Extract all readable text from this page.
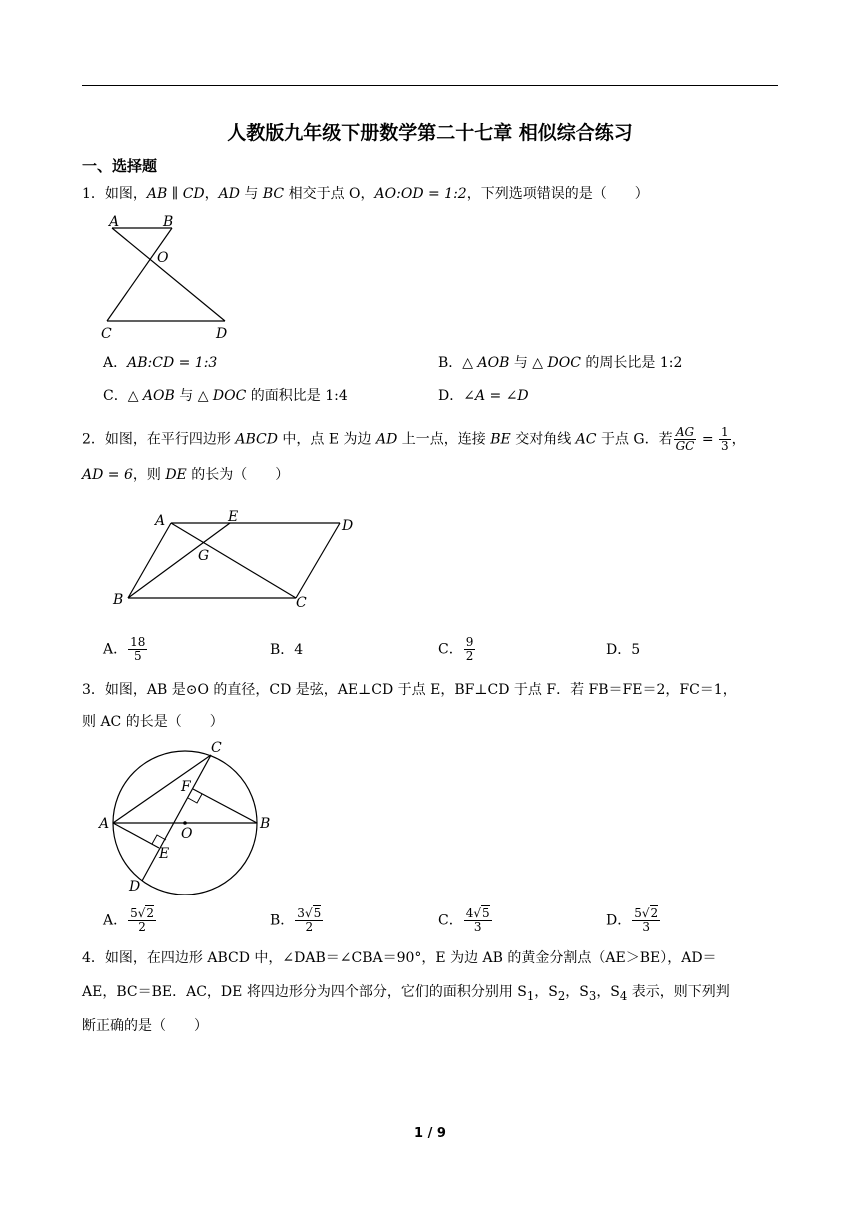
人教版九年级下册数学第二十七章 相似综合练习
一、选择题
1．如图，AB ∥ CD，AD 与 BC 相交于点 O，AO:OD = 1:2，下列选项错误的是（　　）
A	B
O
C	D
A．AB:CD = 1:3	B．△ AOB 与 △ DOC 的周长比是 1:2
C．△ AOB 与 △ DOC 的面积比是 1:4	D．∠A = ∠D
2．如图，在平行四边形 ABCD 中，点 E 为边 AD 上一点，连接 BE 交对角线 AC 于点 G．若 $\frac{AG}{GC} = \frac{1}{3}$ ，
AD = 6，则 DE 的长为（　　）
A	E
D
G
B	C
A． $\frac{18}{5}$	B．4	C． $\frac{9}{2}$	D．5
3．如图，AB 是⊙O 的直径，CD 是弦，AE⊥CD 于点 E，BF⊥CD 于点 F．若 FB＝FE＝2，FC＝1，
则 AC 的长是（　　）
C
F
A
O
B
E
D
A． $\frac{5√2}{2}$	B． $\frac{3√5}{2}$	C． $\frac{4√5}{3}$	D． $\frac{5√2}{3}$
4．如图，在四边形 ABCD 中，∠DAB＝∠CBA＝90°，E 为边 AB 的黄金分割点（AE＞BE），AD＝
AE，BC＝BE．AC，DE 将四边形分为四个部分，它们的面积分别用 $S_1$，$S_2$，$S_3$，$S_4$ 表示，则下列判
断正确的是（　　）
1 / 9
